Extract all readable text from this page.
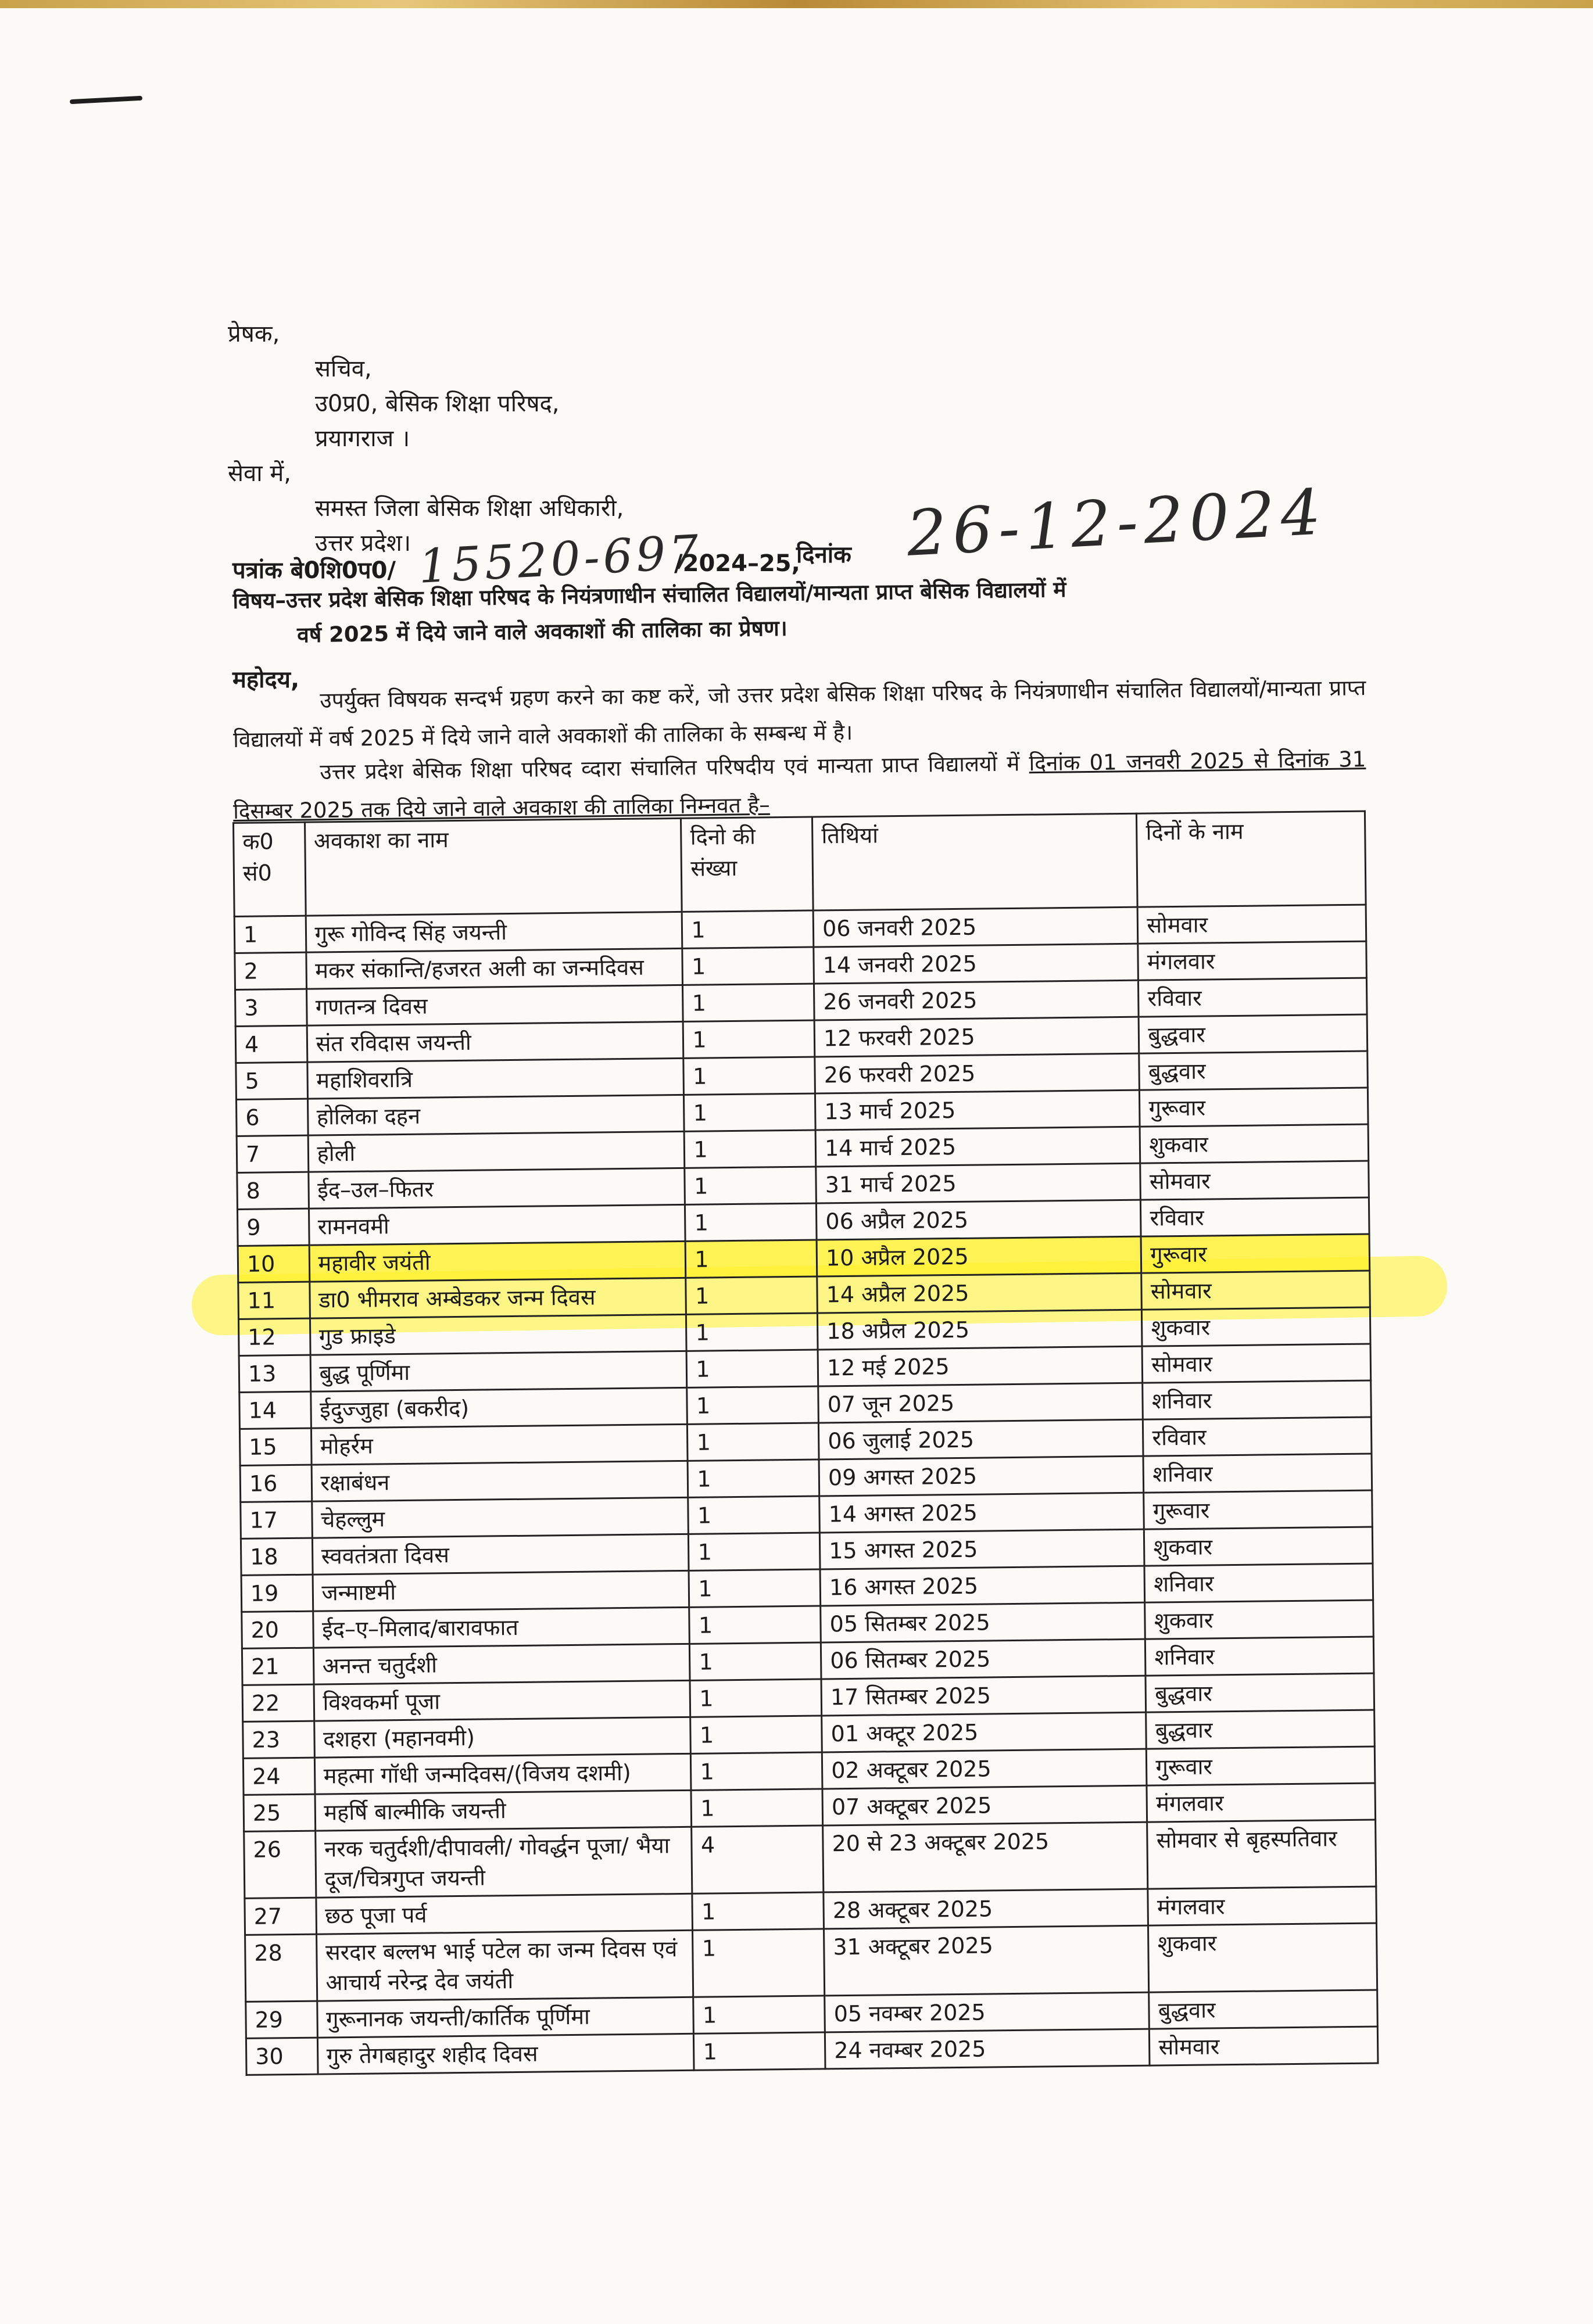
प्रेषक,
सचिव,
उ0प्र0, बेसिक शिक्षा परिषद,
प्रयागराज ।
सेवा में,
समस्त जिला बेसिक शिक्षा अधिकारी,
उत्तर प्रदेश।
पत्रांक बे0शि0प0/ 15520-697
/2024–25,
दिनांक 26-12-2024
विषय–उत्तर प्रदेश बेसिक शिक्षा परिषद के नियंत्रणाधीन संचालित विद्यालयों/मान्यता प्राप्त बेसिक विद्यालयों में
वर्ष 2025 में दिये जाने वाले अवकाशों की तालिका का प्रेषण।
महोदय, उपर्युक्त विषयक सन्दर्भ ग्रहण करने का कष्ट करें, जो उत्तर प्रदेश बेसिक शिक्षा परिषद के नियंत्रणाधीन संचालित विद्यालयों/मान्यता प्राप्त विद्यालयों में वर्ष 2025 में दिये जाने वाले अवकाशों की तालिका के सम्बन्ध में है।
उत्तर प्रदेश बेसिक शिक्षा परिषद व्दारा संचालित परिषदीय एवं मान्यता प्राप्त विद्यालयों में दिनांक 01 जनवरी 2025 से दिनांक 31 दिसम्बर 2025 तक दिये जाने वाले अवकाश की तालिका निम्नवत है–
क0 सं0	अवकाश का नाम	दिनो की संख्या	तिथियां	दिनों के नाम
1	गुरू गोविन्द सिंह जयन्ती	1	06 जनवरी 2025	सोमवार
2	मकर संकान्ति/हजरत अली का जन्मदिवस	1	14 जनवरी 2025	मंगलवार
3	गणतन्त्र दिवस	1	26 जनवरी 2025	रविवार
4	संत रविदास जयन्ती	1	12 फरवरी 2025	बुद्धवार
5	महाशिवरात्रि	1	26 फरवरी 2025	बुद्धवार
6	होलिका दहन	1	13 मार्च 2025	गुरूवार
7	होली	1	14 मार्च 2025	शुकवार
8	ईद–उल–फितर	1	31 मार्च 2025	सोमवार
9	रामनवमी	1	06 अप्रैल 2025	रविवार
10	महावीर जयंती	1	10 अप्रैल 2025	गुरूवार
11	डा0 भीमराव अम्बेडकर जन्म दिवस	1	14 अप्रैल 2025	सोमवार
12	गुड फ्राइडे	1	18 अप्रैल 2025	शुकवार
13	बुद्ध पूर्णिमा	1	12 मई 2025	सोमवार
14	ईदुज्जुहा (बकरीद)	1	07 जून 2025	शनिवार
15	मोहर्रम	1	06 जुलाई 2025	रविवार
16	रक्षाबंधन	1	09 अगस्त 2025	शनिवार
17	चेहल्लुम	1	14 अगस्त 2025	गुरूवार
18	स्ववतंत्रता दिवस	1	15 अगस्त 2025	शुकवार
19	जन्माष्टमी	1	16 अगस्त 2025	शनिवार
20	ईद–ए–मिलाद/बारावफात	1	05 सितम्बर 2025	शुकवार
21	अनन्त चतुर्दशी	1	06 सितम्बर 2025	शनिवार
22	विश्वकर्मा पूजा	1	17 सितम्बर 2025	बुद्धवार
23	दशहरा (महानवमी)	1	01 अक्टूर 2025	बुद्धवार
24	महत्मा गॉधी जन्मदिवस/(विजय दशमी)	1	02 अक्टूबर 2025	गुरूवार
25	महर्षि बाल्मीकि जयन्ती	1	07 अक्टूबर 2025	मंगलवार
26	नरक चतुर्दशी/दीपावली/ गोवर्द्धन पूजा/ भैया दूज/चित्रगुप्त जयन्ती	4	20 से 23 अक्टूबर 2025	सोमवार से बृहस्पतिवार
27	छठ पूजा पर्व	1	28 अक्टूबर 2025	मंगलवार
28	सरदार बल्लभ भाई पटेल का जन्म दिवस एवं आचार्य नरेन्द्र देव जयंती	1	31 अक्टूबर 2025	शुकवार
29	गुरूनानक जयन्ती/कार्तिक पूर्णिमा	1	05 नवम्बर 2025	बुद्धवार
30	गुरु तेगबहादुर शहीद दिवस	1	24 नवम्बर 2025	सोमवार
